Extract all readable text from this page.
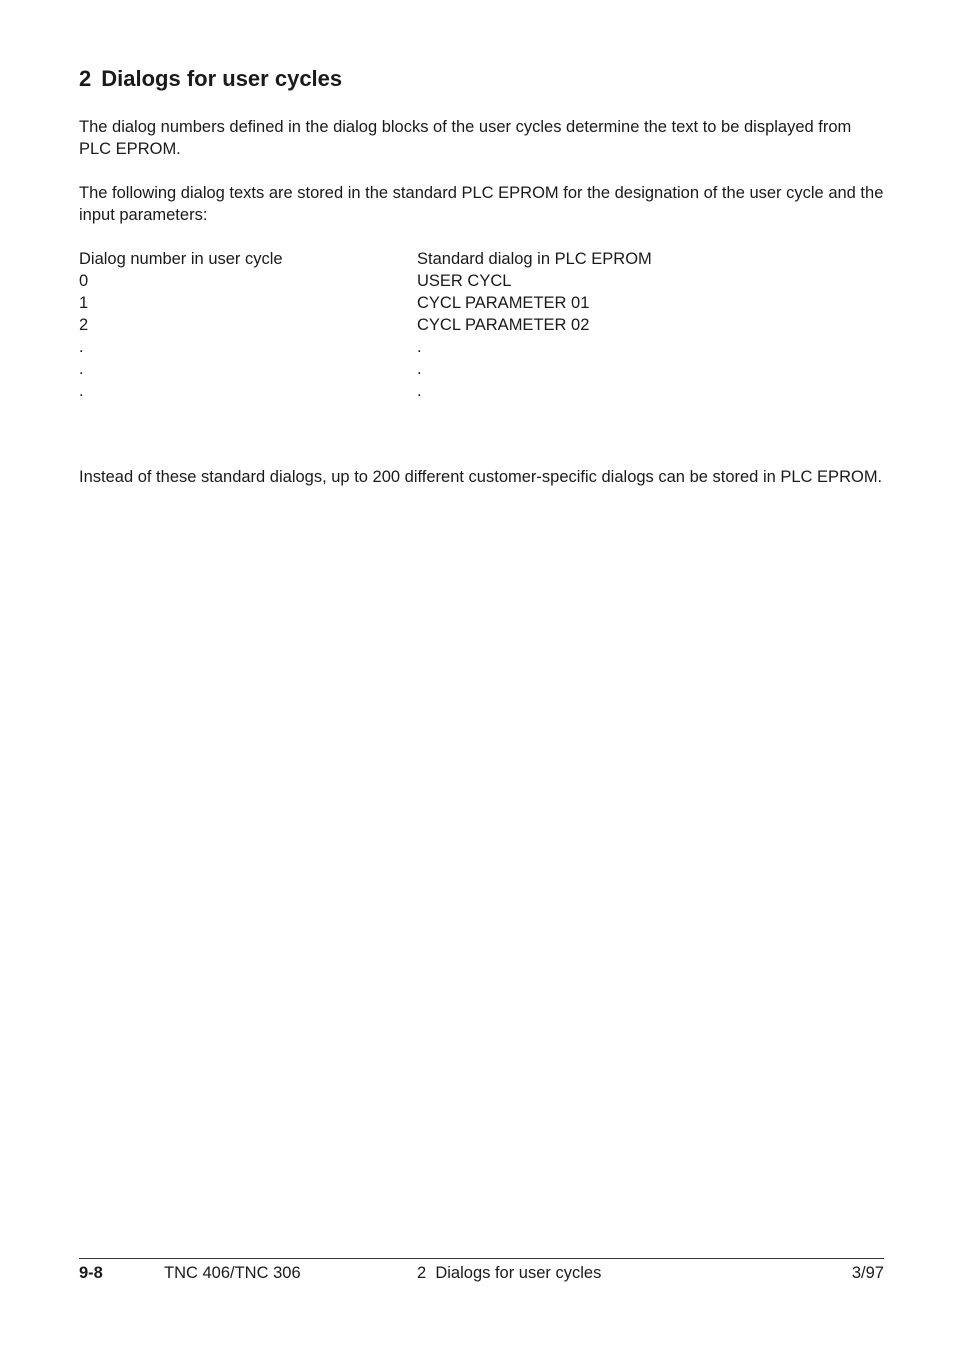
2 Dialogs for user cycles

The dialog numbers defined in the dialog blocks of the user cycles determine the text to be displayed from PLC EPROM.

The following dialog texts are stored in the standard PLC EPROM for the designation of the user cycle and the input parameters:

Dialog number in user cycle	Standard dialog in PLC EPROM
0	USER CYCL
1	CYCL PARAMETER 01
2	CYCL PARAMETER 02
.	.
.	.
.	.

Instead of these standard dialogs, up to 200 different customer-specific dialogs can be stored in PLC EPROM.

9-8	TNC 406/TNC 306	2  Dialogs for user cycles	3/97
